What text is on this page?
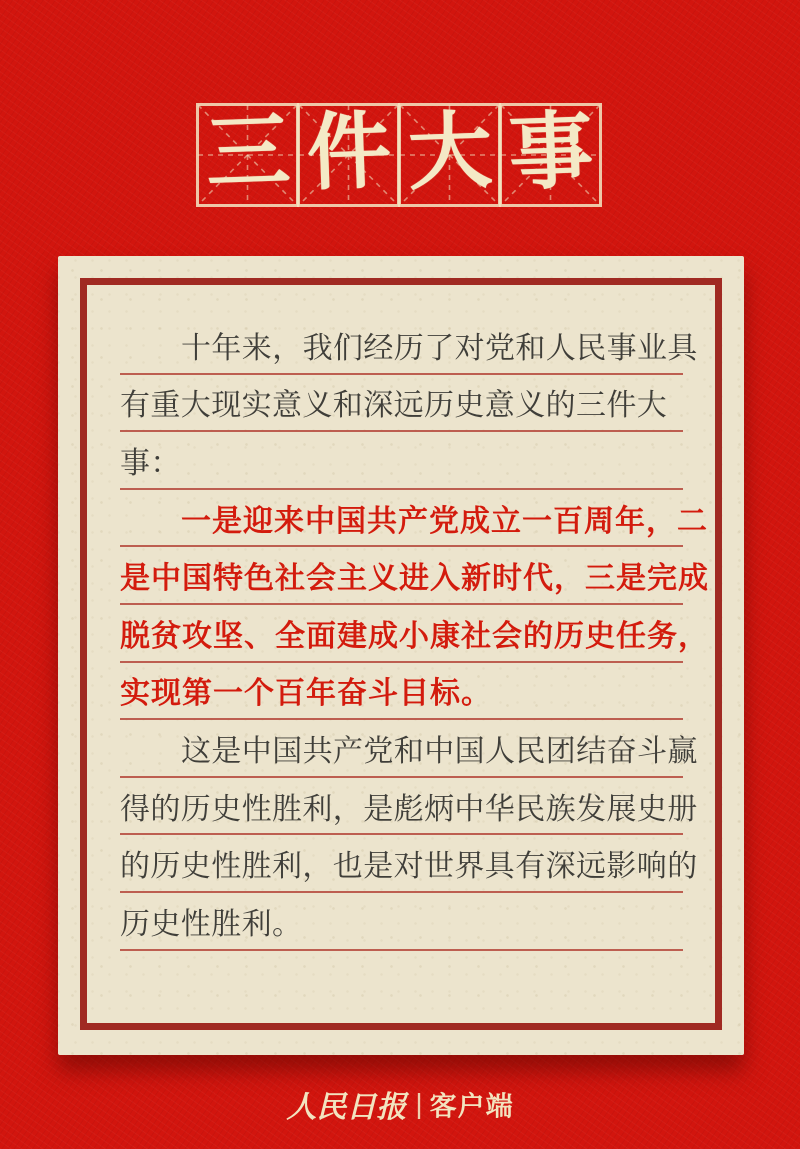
三 件 大 事
十年来，我们经历了对党和人民事业具
有重大现实意义和深远历史意义的三件大
事：
一是迎来中国共产党成立一百周年，二
是中国特色社会主义进入新时代，三是完成
脱贫攻坚、全面建成小康社会的历史任务，
实现第一个百年奋斗目标。
这是中国共产党和中国人民团结奋斗赢
得的历史性胜利，是彪炳中华民族发展史册
的历史性胜利，也是对世界具有深远影响的
历史性胜利。
人民日报 | 客户端
